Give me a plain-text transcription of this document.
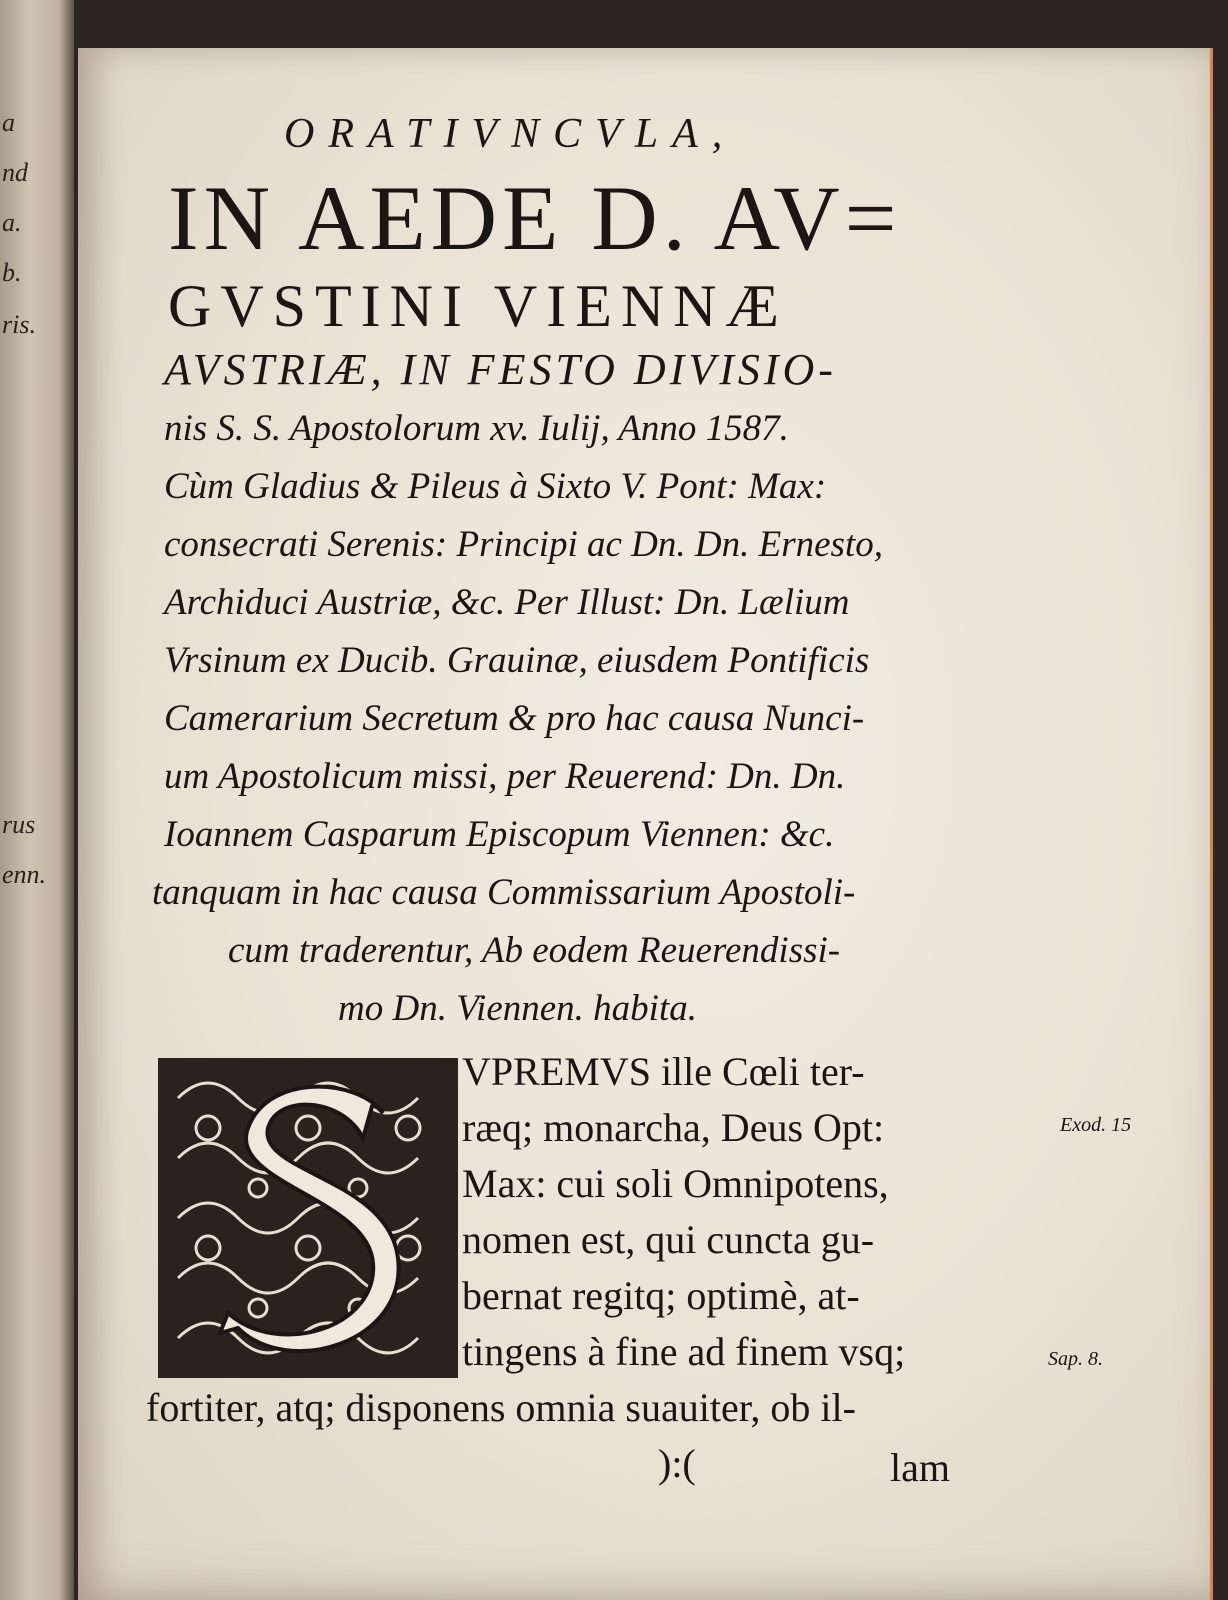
a
nd
a.
b.
ris.
rus
enn.
ORATIVNCVLA,
IN AEDE D. AV=
GVSTINI VIENNÆ
AVSTRIÆ, IN FESTO DIVISIO-
nis S. S. Apostolorum xv. Iulij, Anno 1587.
Cùm Gladius & Pileus à Sixto V. Pont: Max:
consecrati Serenis: Principi ac Dn. Dn. Ernesto,
Archiduci Austriæ, &c. Per Illust: Dn. Lælium
Vrsinum ex Ducib. Grauinæ, eiusdem Pontificis
Camerarium Secretum & pro hac causa Nunci-
um Apostolicum missi, per Reuerend: Dn. Dn.
Ioannem Casparum Episcopum Viennen: &c.
tanquam in hac causa Commissarium Apostoli-
cum traderentur, Ab eodem Reuerendissi-
mo Dn. Viennen. habita.
VPREMVS ille Cœli ter-
ræq; monarcha, Deus Opt:
Max: cui soli Omnipotens,
nomen est, qui cuncta gu-
bernat regitq; optimè, at-
tingens à fine ad finem vsq;
fortiter, atq; disponens omnia suauiter, ob il-
):(	lam
Exod. 15
Sap. 8.
